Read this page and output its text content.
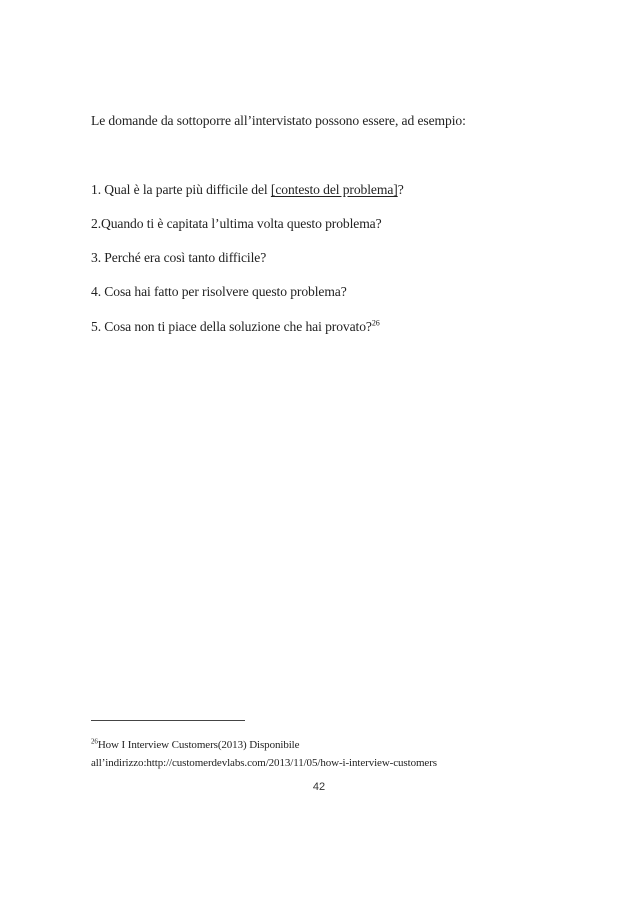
Le domande da sottoporre all’intervistato possono essere, ad esempio:
1. Qual è la parte più difficile del [contesto del problema]?
2.Quando ti è capitata l’ultima volta questo problema?
3. Perché era così tanto difficile?
4. Cosa hai fatto per risolvere questo problema?
5. Cosa non ti piace della soluzione che hai provato?$^{26}$
$^{26}$How I Interview Customers(2013) Disponibile
all’indirizzo:http://customerdevlabs.com/2013/11/05/how-i-interview-customers
42
